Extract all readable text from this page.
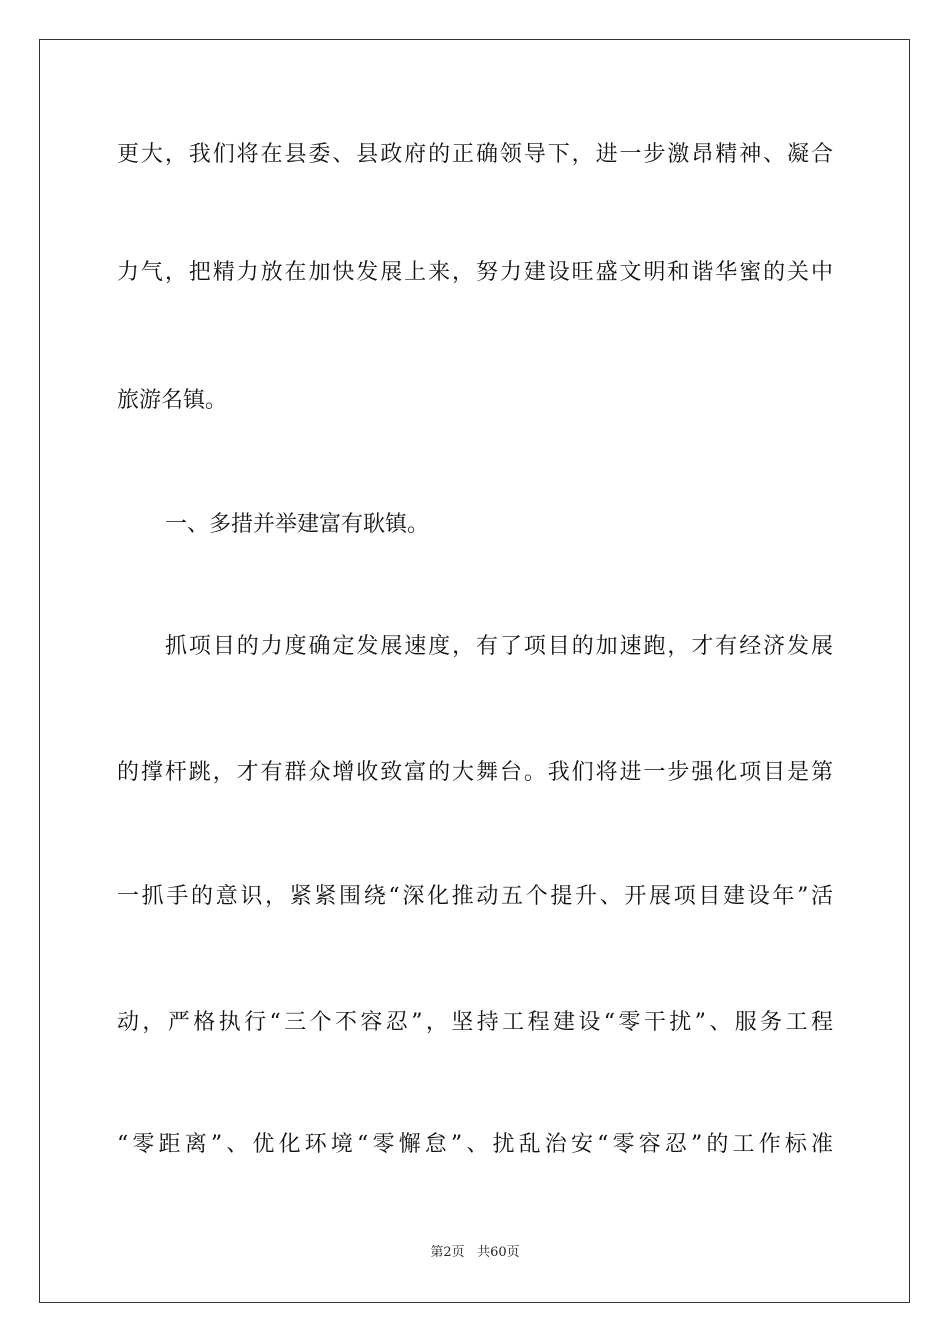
更大，我们将在县委、县政府的正确领导下，进一步激昂精神、凝合
力气，把精力放在加快发展上来，努力建设旺盛文明和谐华蜜的关中
旅游名镇。
一、多措并举建富有耿镇。
抓项目的力度确定发展速度，有了项目的加速跑，才有经济发展
的撑杆跳，才有群众增收致富的大舞台。我们将进一步强化项目是第
一抓手的意识，紧紧围绕“深化推动五个提升、开展项目建设年”活
动，严格执行“三个不容忍”，坚持工程建设“零干扰”、服务工程
“零距离”、优化环境“零懈怠”、扰乱治安“零容忍”的工作标准
第2页 共60页
